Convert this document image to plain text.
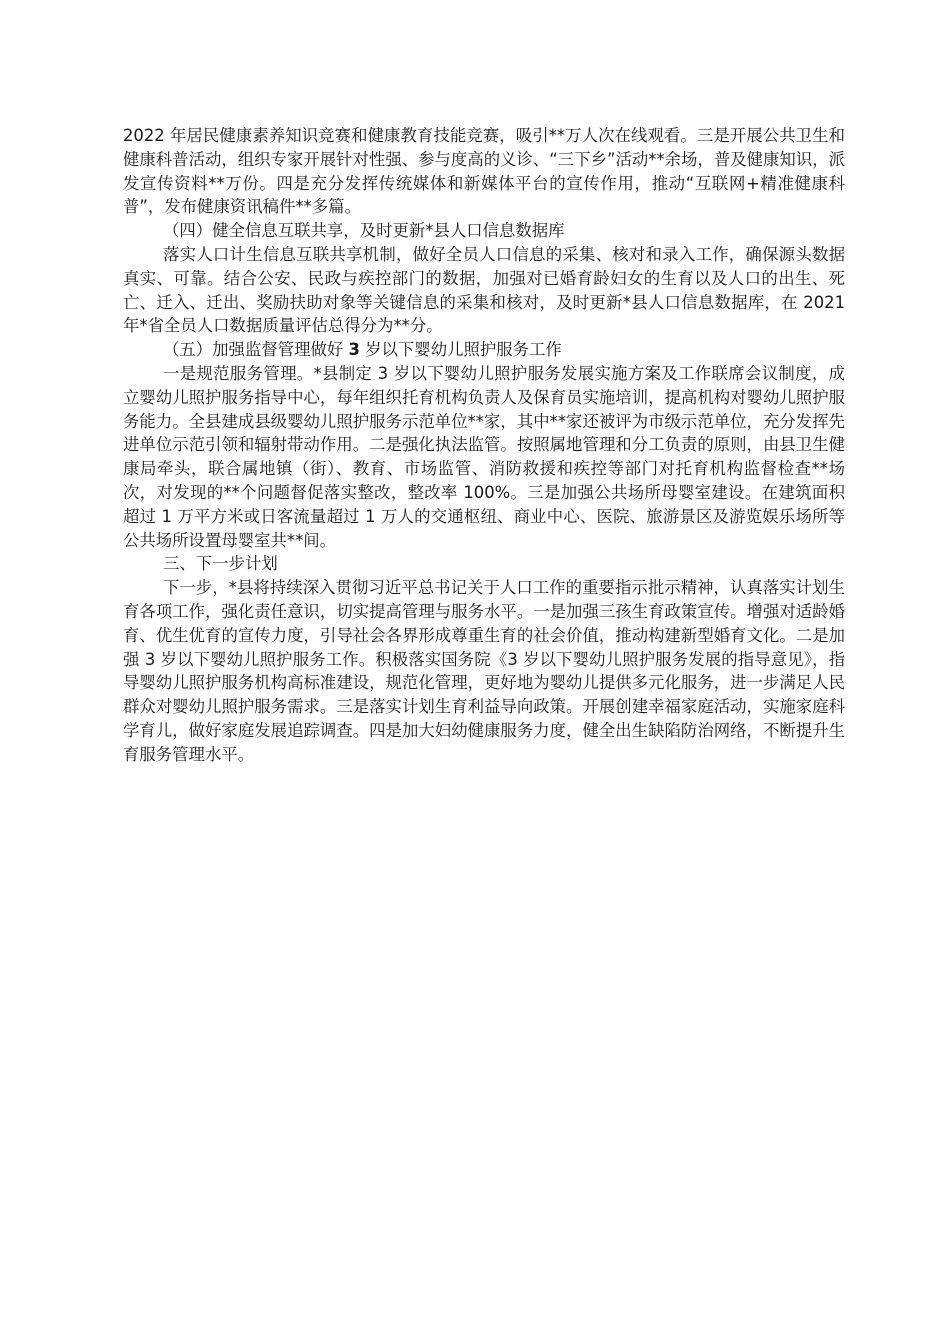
2022 年居民健康素养知识竞赛和健康教育技能竞赛，吸引**万人次在线观看。三是开展公共卫生和健康科普活动，组织专家开展针对性强、参与度高的义诊、“三下乡”活动**余场，普及健康知识，派发宣传资料**万份。四是充分发挥传统媒体和新媒体平台的宣传作用，推动“互联网+精准健康科普”，发布健康资讯稿件**多篇。

（四）健全信息互联共享，及时更新*县人口信息数据库

落实人口计生信息互联共享机制，做好全员人口信息的采集、核对和录入工作，确保源头数据真实、可靠。结合公安、民政与疾控部门的数据，加强对已婚育龄妇女的生育以及人口的出生、死亡、迁入、迁出、奖励扶助对象等关键信息的采集和核对，及时更新*县人口信息数据库，在 2021 年*省全员人口数据质量评估总得分为**分。

（五）加强监督管理做好 3 岁以下婴幼儿照护服务工作

一是规范服务管理。*县制定 3 岁以下婴幼儿照护服务发展实施方案及工作联席会议制度，成立婴幼儿照护服务指导中心，每年组织托育机构负责人及保育员实施培训，提高机构对婴幼儿照护服务能力。全县建成县级婴幼儿照护服务示范单位**家，其中**家还被评为市级示范单位，充分发挥先进单位示范引领和辐射带动作用。二是强化执法监管。按照属地管理和分工负责的原则，由县卫生健康局牵头，联合属地镇（街）、教育、市场监管、消防救援和疾控等部门对托育机构监督检查**场次，对发现的**个问题督促落实整改，整改率 100%。三是加强公共场所母婴室建设。在建筑面积超过 1 万平方米或日客流量超过 1 万人的交通枢纽、商业中心、医院、旅游景区及游览娱乐场所等公共场所设置母婴室共**间。

三、下一步计划

下一步，*县将持续深入贯彻习近平总书记关于人口工作的重要指示批示精神，认真落实计划生育各项工作，强化责任意识，切实提高管理与服务水平。一是加强三孩生育政策宣传。增强对适龄婚育、优生优育的宣传力度，引导社会各界形成尊重生育的社会价值，推动构建新型婚育文化。二是加强 3 岁以下婴幼儿照护服务工作。积极落实国务院《3 岁以下婴幼儿照护服务发展的指导意见》，指导婴幼儿照护服务机构高标准建设，规范化管理，更好地为婴幼儿提供多元化服务，进一步满足人民群众对婴幼儿照护服务需求。三是落实计划生育利益导向政策。开展创建幸福家庭活动，实施家庭科学育儿，做好家庭发展追踪调查。四是加大妇幼健康服务力度，健全出生缺陷防治网络，不断提升生育服务管理水平。
